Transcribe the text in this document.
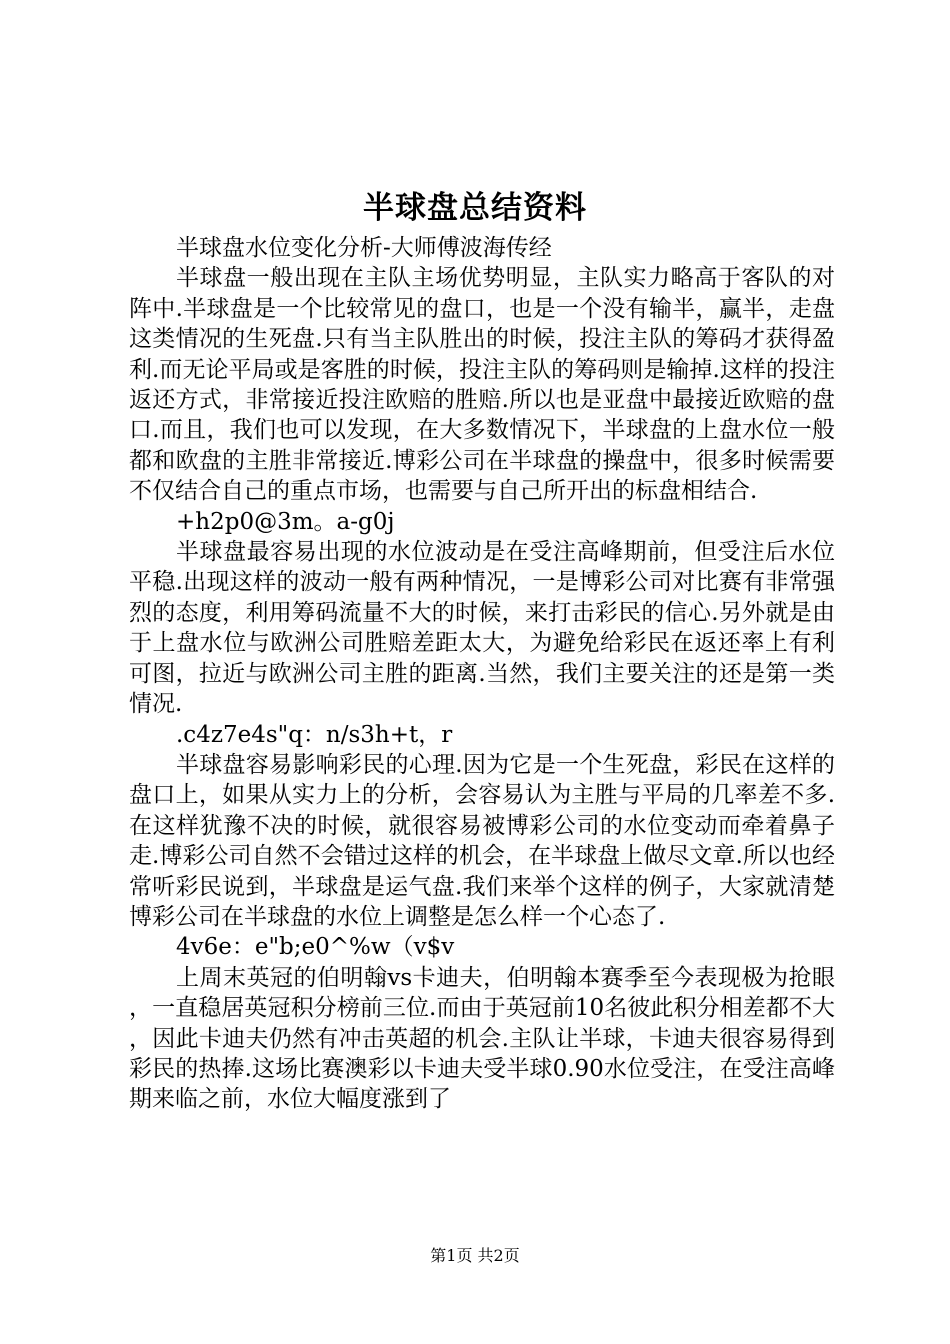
半球盘总结资料

半球盘水位变化分析-大师傅波海传经

半球盘一般出现在主队主场优势明显，主队实力略高于客队的对阵中.半球盘是一个比较常见的盘口，也是一个没有输半，赢半，走盘这类情况的生死盘.只有当主队胜出的时候，投注主队的筹码才获得盈利.而无论平局或是客胜的时候，投注主队的筹码则是输掉.这样的投注返还方式，非常接近投注欧赔的胜赔.所以也是亚盘中最接近欧赔的盘口.而且，我们也可以发现，在大多数情况下，半球盘的上盘水位一般都和欧盘的主胜非常接近.博彩公司在半球盘的操盘中，很多时候需要不仅结合自己的重点市场，也需要与自己所开出的标盘相结合.

+h2p0@3m。a-g0j

半球盘最容易出现的水位波动是在受注高峰期前，但受注后水位平稳.出现这样的波动一般有两种情况，一是博彩公司对比赛有非常强烈的态度，利用筹码流量不大的时候，来打击彩民的信心.另外就是由于上盘水位与欧洲公司胜赔差距太大，为避免给彩民在返还率上有利可图，拉近与欧洲公司主胜的距离.当然，我们主要关注的还是第一类情况.

.c4z7e4s"q：n/s3h+t，r

半球盘容易影响彩民的心理.因为它是一个生死盘，彩民在这样的盘口上，如果从实力上的分析，会容易认为主胜与平局的几率差不多.在这样犹豫不决的时候，就很容易被博彩公司的水位变动而牵着鼻子走.博彩公司自然不会错过这样的机会，在半球盘上做尽文章.所以也经常听彩民说到，半球盘是运气盘.我们来举个这样的例子，大家就清楚博彩公司在半球盘的水位上调整是怎么样一个心态了.

4v6e：e"b;e0^%w（v$v

上周末英冠的伯明翰vs卡迪夫，伯明翰本赛季至今表现极为抢眼，一直稳居英冠积分榜前三位.而由于英冠前10名彼此积分相差都不大，因此卡迪夫仍然有冲击英超的机会.主队让半球，卡迪夫很容易得到彩民的热捧.这场比赛澳彩以卡迪夫受半球0.90水位受注，在受注高峰期来临之前，水位大幅度涨到了

第1页 共2页
